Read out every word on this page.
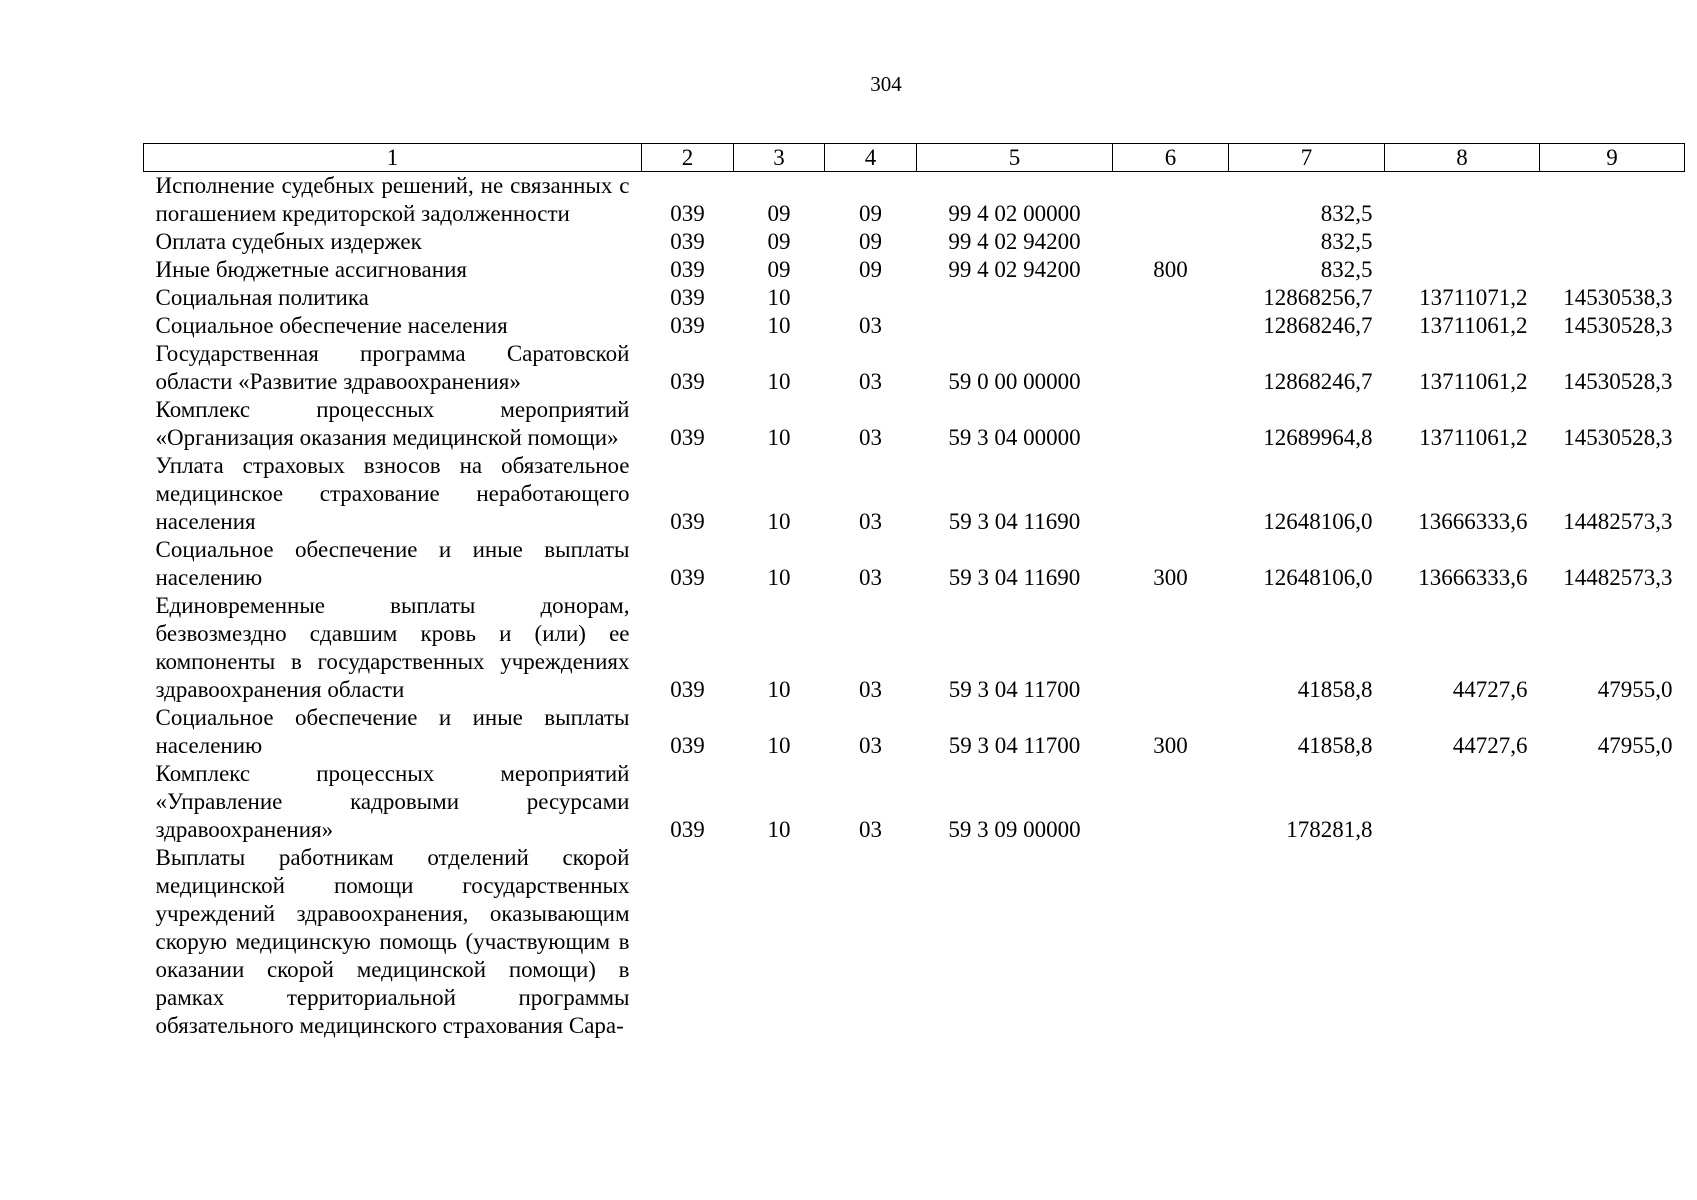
304
1	2	3	4	5	6	7	8	9
Исполнение судебных решений, не связанных с погашением кредиторской задолженности	039	09	09	99 4 02 00000		832,5		
Оплата судебных издержек	039	09	09	99 4 02 94200		832,5		
Иные бюджетные ассигнования	039	09	09	99 4 02 94200	800	832,5		
Социальная политика	039	10				12868256,7	13711071,2	14530538,3
Социальное обеспечение населения	039	10	03			12868246,7	13711061,2	14530528,3
Государственная программа Саратовской области «Развитие здравоохранения»	039	10	03	59 0 00 00000		12868246,7	13711061,2	14530528,3
Комплекс процессных мероприятий «Организация оказания медицинской помощи»	039	10	03	59 3 04 00000		12689964,8	13711061,2	14530528,3
Уплата страховых взносов на обязательное медицинское страхование неработающего населения	039	10	03	59 3 04 11690		12648106,0	13666333,6	14482573,3
Социальное обеспечение и иные выплаты населению	039	10	03	59 3 04 11690	300	12648106,0	13666333,6	14482573,3
Единовременные выплаты донорам, безвозмездно сдавшим кровь и (или) ее компоненты в государственных учреждениях здравоохранения области	039	10	03	59 3 04 11700		41858,8	44727,6	47955,0
Социальное обеспечение и иные выплаты населению	039	10	03	59 3 04 11700	300	41858,8	44727,6	47955,0
Комплекс процессных мероприятий «Управление кадровыми ресурсами здравоохранения»	039	10	03	59 3 09 00000		178281,8		
Выплаты работникам отделений скорой медицинской помощи государственных учреждений здравоохранения, оказывающим скорую медицинскую помощь (участвующим в оказании скорой медицинской помощи) в рамках территориальной программы обязательного медицинского страхования Сара-								
